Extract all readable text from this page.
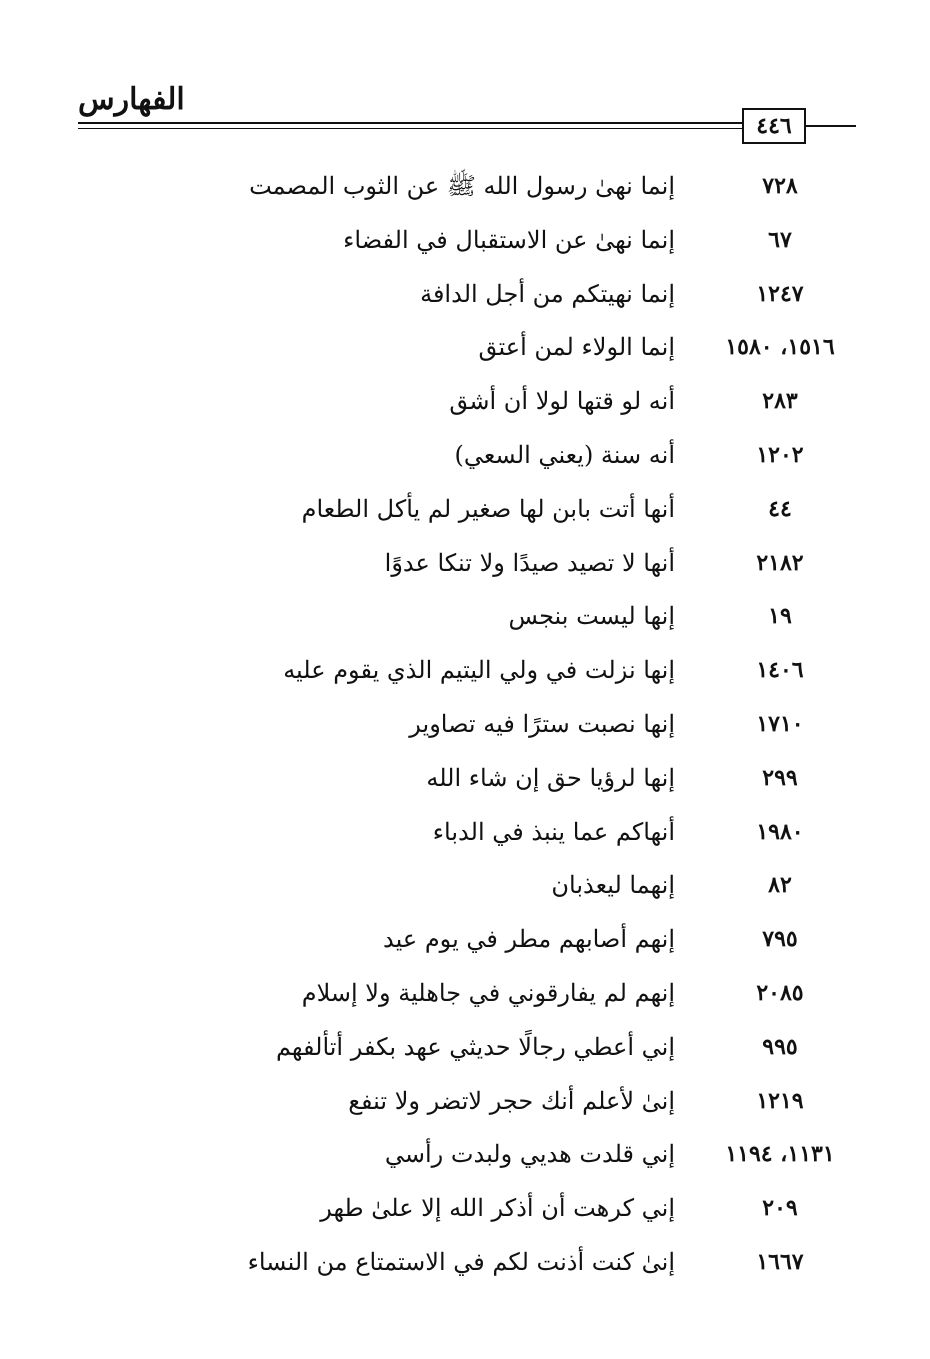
الفهارس
٤٤٦
٧٢٨
إنما نهىٰ رسول الله ﷺ عن الثوب المصمت
٦٧
إنما نهىٰ عن الاستقبال في الفضاء
١٢٤٧
إنما نهيتكم من أجل الدافة
١٥١٦، ١٥٨٠
إنما الولاء لمن أعتق
٢٨٣
أنه لو قتها لولا أن أشق
١٢٠٢
أنه سنة (يعني السعي)
٤٤
أنها أتت بابن لها صغير لم يأكل الطعام
٢١٨٢
أنها لا تصيد صيدًا ولا تنكا عدوًا
١٩
إنها ليست بنجس
١٤٠٦
إنها نزلت في ولي اليتيم الذي يقوم عليه
١٧١٠
إنها نصبت سترًا فيه تصاوير
٢٩٩
إنها لرؤيا حق إن شاء الله
١٩٨٠
أنهاكم عما ينبذ في الدباء
٨٢
إنهما ليعذبان
٧٩٥
إنهم أصابهم مطر في يوم عيد
٢٠٨٥
إنهم لم يفارقوني في جاهلية ولا إسلام
٩٩٥
إني أعطي رجالًا حديثي عهد بكفر أتألفهم
١٢١٩
إنىٰ لأعلم أنك حجر لاتضر ولا تنفع
١١٣١، ١١٩٤
إني قلدت هديي ولبدت رأسي
٢٠٩
إني كرهت أن أذكر الله إلا علىٰ طهر
١٦٦٧
إنىٰ كنت أذنت لكم في الاستمتاع من النساء
